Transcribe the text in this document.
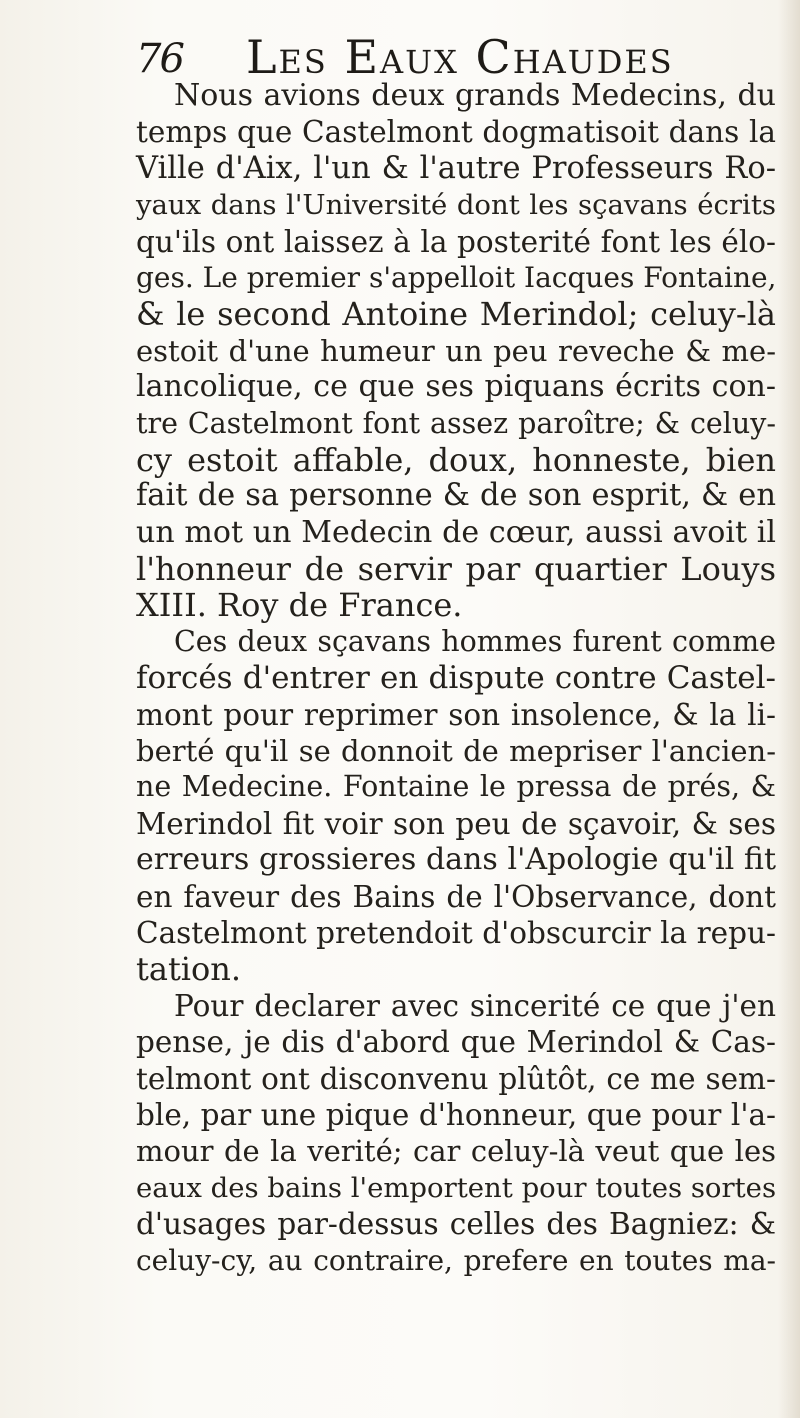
76 Les Eaux Chaudes
Nous avions deux grands Medecins, du
temps que Castelmont dogmatisoit dans la
Ville d'Aix, l'un & l'autre Professeurs Ro-
yaux dans l'Université dont les sçavans écrits
qu'ils ont laissez à la posterité font les élo-
ges. Le premier s'appelloit Iacques Fontaine,
& le second Antoine Merindol; celuy-là
estoit d'une humeur un peu reveche & me-
lancolique, ce que ses piquans écrits con-
tre Castelmont font assez paroître; & celuy-
cy estoit affable, doux, honneste, bien
fait de sa personne & de son esprit, & en
un mot un Medecin de cœur, aussi avoit il
l'honneur de servir par quartier Louys
XIII. Roy de France.
Ces deux sçavans hommes furent comme
forcés d'entrer en dispute contre Castel-
mont pour reprimer son insolence, & la li-
berté qu'il se donnoit de mepriser l'ancien-
ne Medecine. Fontaine le pressa de prés, &
Merindol fit voir son peu de sçavoir, & ses
erreurs grossieres dans l'Apologie qu'il fit
en faveur des Bains de l'Observance, dont
Castelmont pretendoit d'obscurcir la repu-
tation.
Pour declarer avec sincerité ce que j'en
pense, je dis d'abord que Merindol & Cas-
telmont ont disconvenu plûtôt, ce me sem-
ble, par une pique d'honneur, que pour l'a-
mour de la verité; car celuy-là veut que les
eaux des bains l'emportent pour toutes sortes
d'usages par-dessus celles des Bagniez: &
celuy-cy, au contraire, prefere en toutes ma-
